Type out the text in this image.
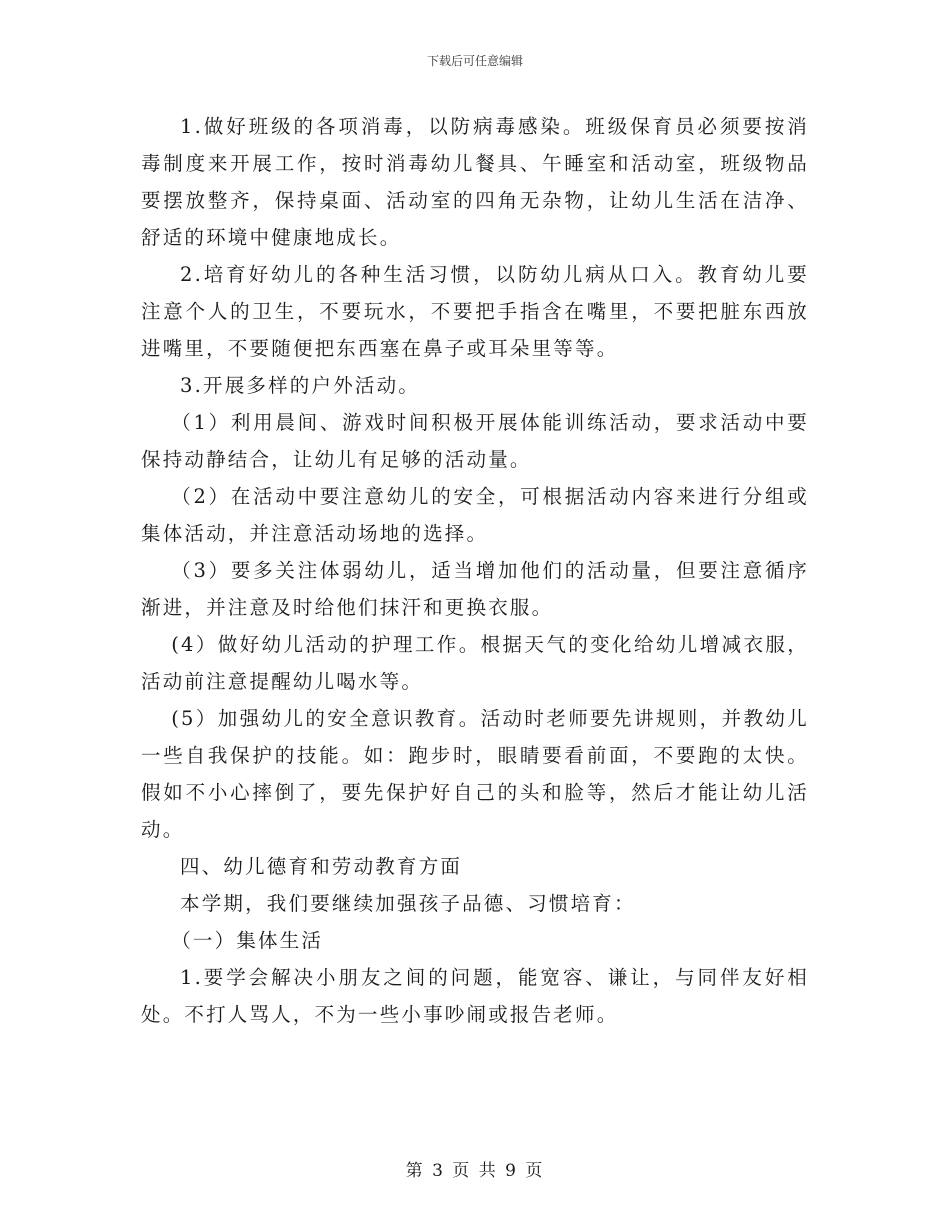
下载后可任意编辑

1.做好班级的各项消毒，以防病毒感染。班级保育员必须要按消毒制度来开展工作，按时消毒幼儿餐具、午睡室和活动室，班级物品要摆放整齐，保持桌面、活动室的四角无杂物，让幼儿生活在洁净、舒适的环境中健康地成长。

2.培育好幼儿的各种生活习惯，以防幼儿病从口入。教育幼儿要注意个人的卫生，不要玩水，不要把手指含在嘴里，不要把脏东西放进嘴里，不要随便把东西塞在鼻子或耳朵里等等。

3.开展多样的户外活动。

（1）利用晨间、游戏时间积极开展体能训练活动，要求活动中要保持动静结合，让幼儿有足够的活动量。

（2）在活动中要注意幼儿的安全，可根据活动内容来进行分组或集体活动，并注意活动场地的选择。

（3）要多关注体弱幼儿，适当增加他们的活动量，但要注意循序渐进，并注意及时给他们抹汗和更换衣服。

(4）做好幼儿活动的护理工作。根据天气的变化给幼儿增减衣服，活动前注意提醒幼儿喝水等。

(5）加强幼儿的安全意识教育。活动时老师要先讲规则，并教幼儿一些自我保护的技能。如：跑步时，眼睛要看前面，不要跑的太快。假如不小心摔倒了，要先保护好自己的头和脸等，然后才能让幼儿活动。

四、幼儿德育和劳动教育方面

本学期，我们要继续加强孩子品德、习惯培育：

（一）集体生活

1.要学会解决小朋友之间的问题，能宽容、谦让，与同伴友好相处。不打人骂人，不为一些小事吵闹或报告老师。

第 3 页 共 9 页
